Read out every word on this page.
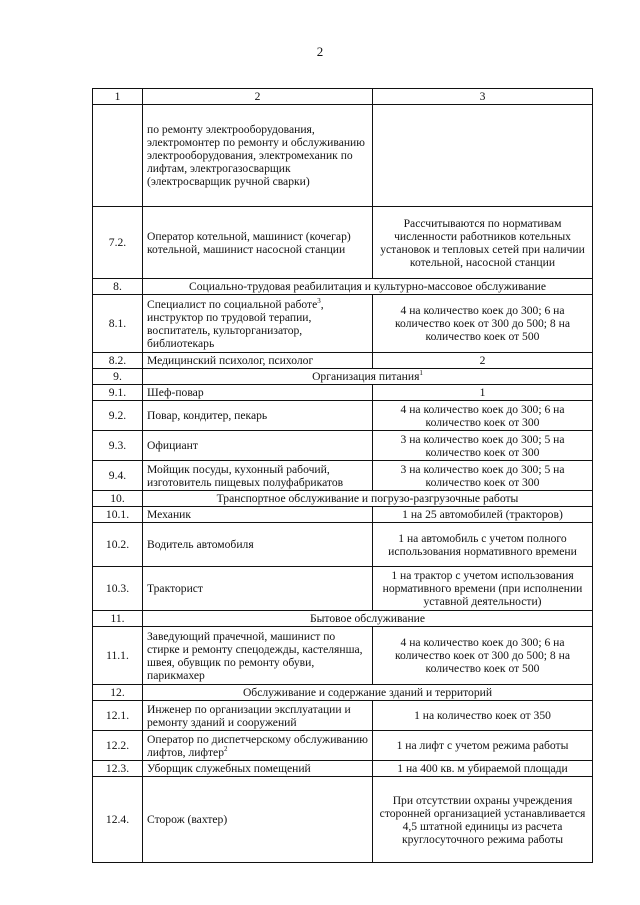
2
1	2	3
	по ремонту электрооборудования, электромонтер по ремонту и обслуживанию электрооборудования, электромеханик по лифтам, электрогазосварщик (электросварщик ручной сварки)	
7.2.	Оператор котельной, машинист (кочегар) котельной, машинист насосной станции	Рассчитываются по нормативам численности работников котельных установок и тепловых сетей при наличии котельной, насосной станции
8.	Социально-трудовая реабилитация и культурно-массовое обслуживание	
8.1.	Специалист по социальной работе$^3$, инструктор по трудовой терапии, воспитатель, культорганизатор, библиотекарь	4 на количество коек до 300; 6 на количество коек от 300 до 500; 8 на количество коек от 500
8.2.	Медицинский психолог, психолог	2
9.	Организация питания$^1$
9.1.	Шеф-повар	1
9.2.	Повар, кондитер, пекарь	4 на количество коек до 300; 6 на количество коек от 300
9.3.	Официант	3 на количество коек до 300; 5 на количество коек от 300
9.4.	Мойщик посуды, кухонный рабочий, изготовитель пищевых полуфабрикатов	3 на количество коек до 300; 5 на количество коек от 300
10.	Транспортное обслуживание и погрузо-разгрузочные работы	
10.1.	Механик	1 на 25 автомобилей (тракторов)
10.2.	Водитель автомобиля	1 на автомобиль с учетом полного использования нормативного времени
10.3.	Тракторист	1 на трактор с учетом использования нормативного времени (при исполнении уставной деятельности)
11.	Бытовое обслуживание	
11.1.	Заведующий прачечной, машинист по стирке и ремонту спецодежды, кастелянша, швея, обувщик по ремонту обуви, парикмахер	4 на количество коек до 300; 6 на количество коек от 300 до 500; 8 на количество коек от 500
12.	Обслуживание и содержание зданий и территорий	
12.1.	Инженер по организации эксплуатации и ремонту зданий и сооружений	1 на количество коек от 350
12.2.	Оператор по диспетчерскому обслуживанию лифтов, лифтер$^2$	1 на лифт с учетом режима работы
12.3.	Уборщик служебных помещений	1 на 400 кв. м убираемой площади
12.4.	Сторож (вахтер)	При отсутствии охраны учреждения сторонней организацией устанавливается 4,5 штатной единицы из расчета круглосуточного режима работы
